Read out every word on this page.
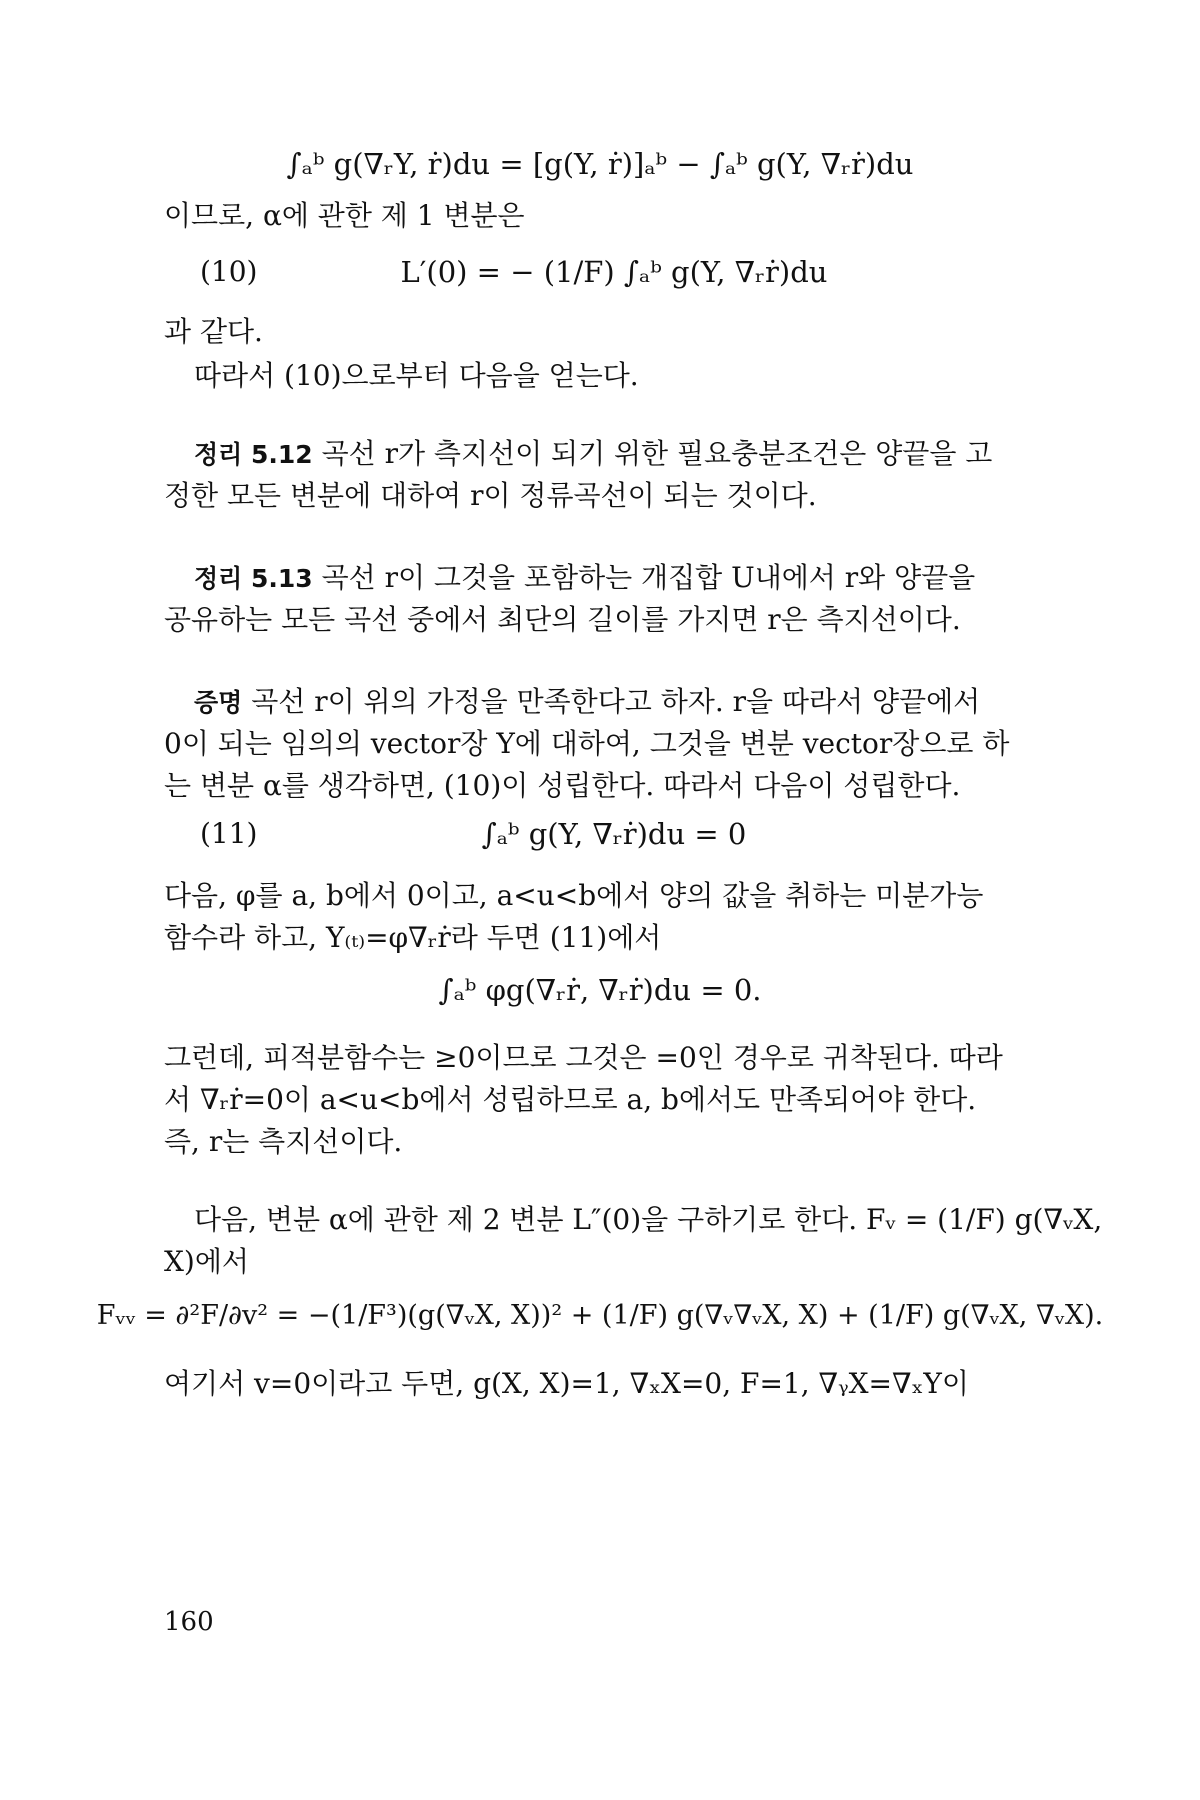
∫ₐᵇ g(∇ᵣY, ṙ)du = [g(Y, ṙ)]ₐᵇ − ∫ₐᵇ g(Y, ∇ᵣṙ)du
이므로, α에 관한 제 1 변분은
(10)	L′(0) = − (1/F) ∫ₐᵇ g(Y, ∇ᵣṙ)du
과 같다.
따라서 (10)으로부터 다음을 얻는다.
정리 5.12 곡선 r가 측지선이 되기 위한 필요충분조건은 양끝을 고
정한 모든 변분에 대하여 r이 정류곡선이 되는 것이다.
정리 5.13 곡선 r이 그것을 포함하는 개집합 U내에서 r와 양끝을
공유하는 모든 곡선 중에서 최단의 길이를 가지면 r은 측지선이다.
증명 곡선 r이 위의 가정을 만족한다고 하자. r을 따라서 양끝에서
0이 되는 임의의 vector장 Y에 대하여, 그것을 변분 vector장으로 하
는 변분 α를 생각하면, (10)이 성립한다. 따라서 다음이 성립한다.
(11)	∫ₐᵇ g(Y, ∇ᵣṙ)du = 0
다음, φ를 a, b에서 0이고, a<u<b에서 양의 값을 취하는 미분가능
함수라 하고, Y₍ₜ₎=φ∇ᵣṙ라 두면 (11)에서
∫ₐᵇ φg(∇ᵣṙ, ∇ᵣṙ)du = 0.
그런데, 피적분함수는 ≥0이므로 그것은 =0인 경우로 귀착된다. 따라
서 ∇ᵣṙ=0이 a<u<b에서 성립하므로 a, b에서도 만족되어야 한다.
즉, r는 측지선이다.
다음, 변분 α에 관한 제 2 변분 L″(0)을 구하기로 한다. Fᵥ = (1/F) g(∇ᵥX,
X)에서
Fᵥᵥ = ∂²F/∂v² = −(1/F³)(g(∇ᵥX, X))² + (1/F) g(∇ᵥ∇ᵥX, X) + (1/F) g(∇ᵥX, ∇ᵥX).
여기서 v=0이라고 두면, g(X, X)=1, ∇ₓX=0, F=1, ∇ᵧX=∇ₓY이
160
